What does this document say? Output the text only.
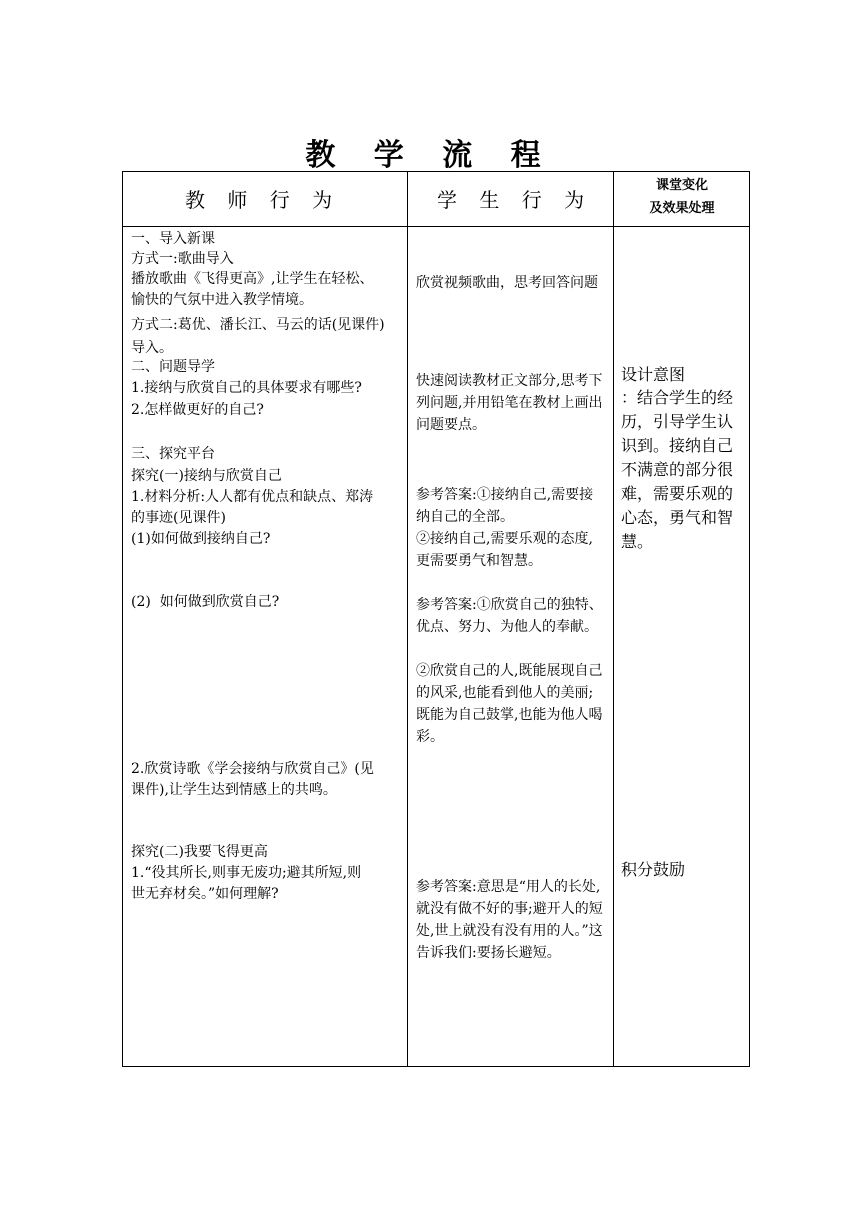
教 学 流 程
教 师 行 为	学 生 行 为
课堂变化
及效果处理
一、导入新课
方式一:歌曲导入
播放歌曲《飞得更高》,让学生在轻松、
愉快的气氛中进入教学情境。
方式二:葛优、潘长江、马云的话(见课件)
导入。
二、问题导学
1.接纳与欣赏自己的具体要求有哪些?
2.怎样做更好的自己?
三、探究平台
探究(一)接纳与欣赏自己
1.材料分析:人人都有优点和缺点、郑涛
的事迹(见课件)
(1)如何做到接纳自己?
(2)  如何做到欣赏自己?
2.欣赏诗歌《学会接纳与欣赏自己》(见
课件),让学生达到情感上的共鸣。
探究(二)我要飞得更高
1.“役其所长,则事无废功;避其所短,则
世无弃材矣。”如何理解?
欣赏视频歌曲，思考回答问题
快速阅读教材正文部分,思考下列问题,并用铅笔在教材上画出问题要点。
参考答案:①接纳自己,需要接纳自己的全部。
②接纳自己,需要乐观的态度,更需要勇气和智慧。
参考答案:①欣赏自己的独特、优点、努力、为他人的奉献。
②欣赏自己的人,既能展现自己的风采,也能看到他人的美丽;既能为自己鼓掌,也能为他人喝彩。
参考答案:意思是“用人的长处,就没有做不好的事;避开人的短处,世上就没有没有用的人。”这告诉我们:要扬长避短。
设计意图
：结合学生的经历，引导学生认识到。接纳自己不满意的部分很难，需要乐观的心态，勇气和智慧。
积分鼓励
